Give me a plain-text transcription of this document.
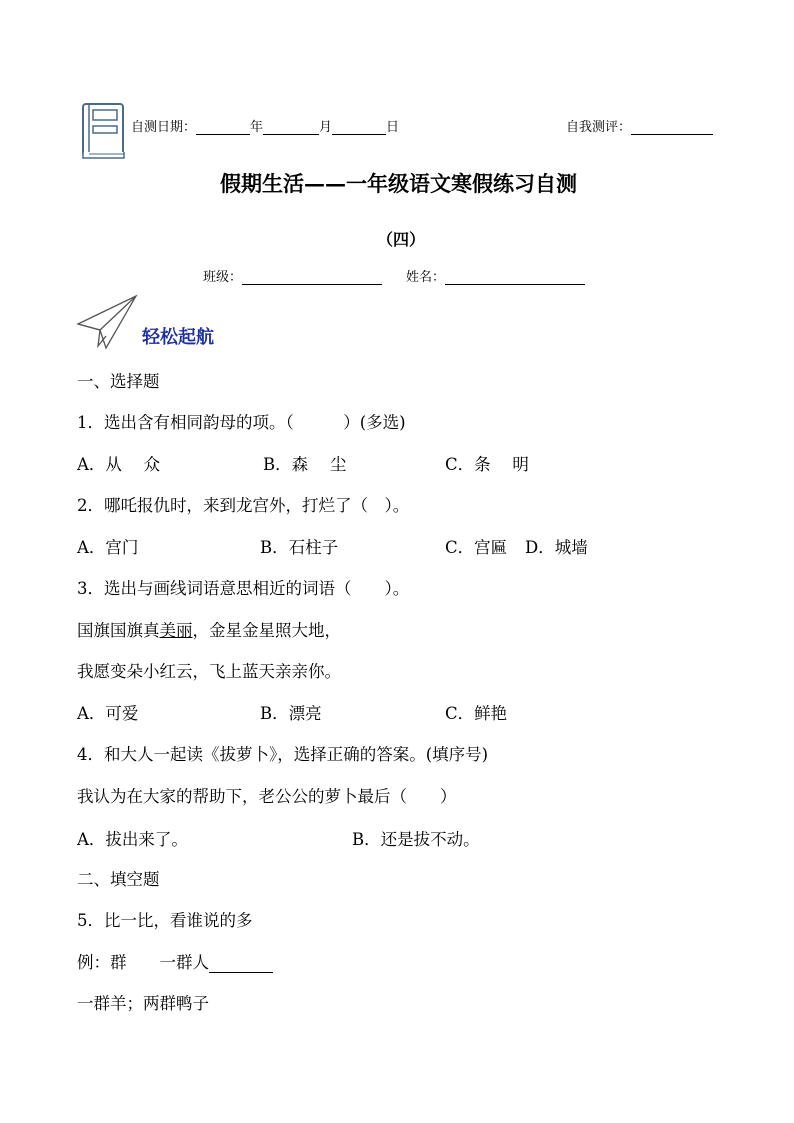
自测日期：	年	月	日	自我测评：
假期生活——一年级语文寒假练习自测
（四）
班级：	姓名：
轻松起航
一、选择题
1．选出含有相同韵母的项。（　　　）(多选)
A．从　 众	B．森　 尘	C．条　 明
2．哪吒报仇时，来到龙宫外，打烂了（　）。
A．宫门	B．石柱子	C．宫匾 D．城墙
3．选出与画线词语意思相近的词语（　　）。
国旗国旗真美丽，金星金星照大地，
我愿变朵小红云，飞上蓝天亲亲你。
A．可爱	B．漂亮	C．鲜艳
4．和大人一起读《拔萝卜》，选择正确的答案。(填序号)
我认为在大家的帮助下，老公公的萝卜最后（　　）
A．拔出来了。	B．还是拔不动。
二、填空题
5．比一比，看谁说的多
例：群　　一群人
一群羊；两群鸭子
